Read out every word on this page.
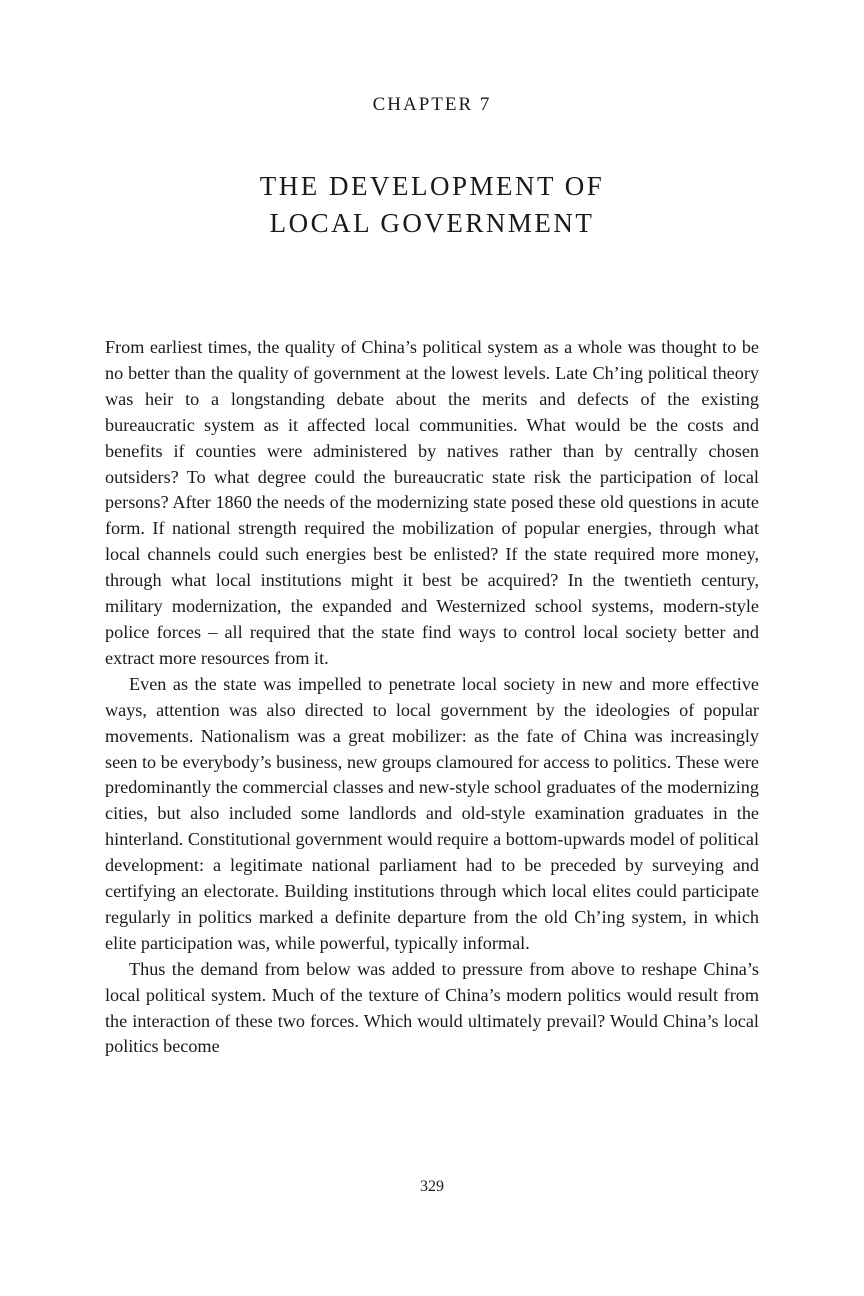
CHAPTER 7
THE DEVELOPMENT OF
LOCAL GOVERNMENT

From earliest times, the quality of China’s political system as a whole was thought to be no better than the quality of government at the lowest levels. Late Ch’ing political theory was heir to a longstanding debate about the merits and defects of the existing bureaucratic system as it affected local communities. What would be the costs and benefits if counties were administered by natives rather than by centrally chosen outsiders? To what degree could the bureaucratic state risk the participation of local persons? After 1860 the needs of the modernizing state posed these old questions in acute form. If national strength required the mobilization of popular energies, through what local channels could such energies best be enlisted? If the state required more money, through what local institutions might it best be acquired? In the twentieth century, military modernization, the expanded and Westernized school systems, modern-style police forces – all required that the state find ways to control local society better and extract more resources from it.

Even as the state was impelled to penetrate local society in new and more effective ways, attention was also directed to local government by the ideologies of popular movements. Nationalism was a great mobilizer: as the fate of China was increasingly seen to be everybody’s business, new groups clamoured for access to politics. These were predominantly the commercial classes and new-style school graduates of the modernizing cities, but also included some landlords and old-style examination graduates in the hinterland. Constitutional government would require a bottom-upwards model of political development: a legitimate national parliament had to be preceded by surveying and certifying an electorate. Building institutions through which local elites could participate regularly in politics marked a definite departure from the old Ch’ing system, in which elite participation was, while powerful, typically informal.

Thus the demand from below was added to pressure from above to reshape China’s local political system. Much of the texture of China’s modern politics would result from the interaction of these two forces. Which would ultimately prevail? Would China’s local politics become

329
